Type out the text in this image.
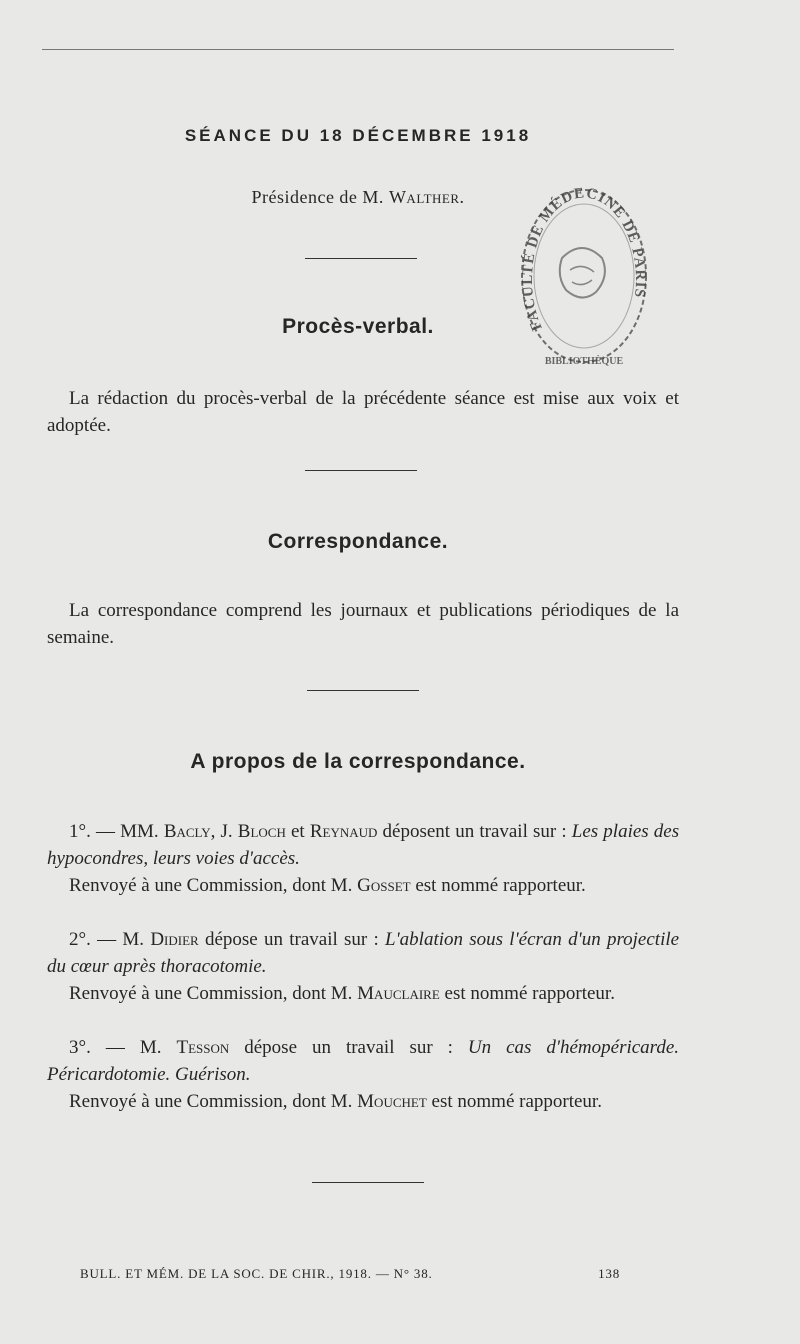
SÉANCE DU 18 DÉCEMBRE 1918
Présidence de M. Walther.
FACULTÉ DE MÉDECINE DE PARIS
BIBLIOTHÈQUE
Procès-verbal.
La rédaction du procès-verbal de la précédente séance est mise aux voix et adoptée.
Correspondance.
La correspondance comprend les journaux et publications périodiques de la semaine.
A propos de la correspondance.
1°. — MM. Bacly, J. Bloch et Reynaud déposent un travail sur : Les plaies des hypocondres, leurs voies d'accès.
Renvoyé à une Commission, dont M. Gosset est nommé rapporteur.
2°. — M. Didier dépose un travail sur : L'ablation sous l'écran d'un projectile du cœur après thoracotomie.
Renvoyé à une Commission, dont M. Mauclaire est nommé rapporteur.
3°. — M. Tesson dépose un travail sur : Un cas d'hémopéricarde. Péricardotomie. Guérison.
Renvoyé à une Commission, dont M. Mouchet est nommé rapporteur.
BULL. ET MÉM. DE LA SOC. DE CHIR., 1918. — N° 38.	138
